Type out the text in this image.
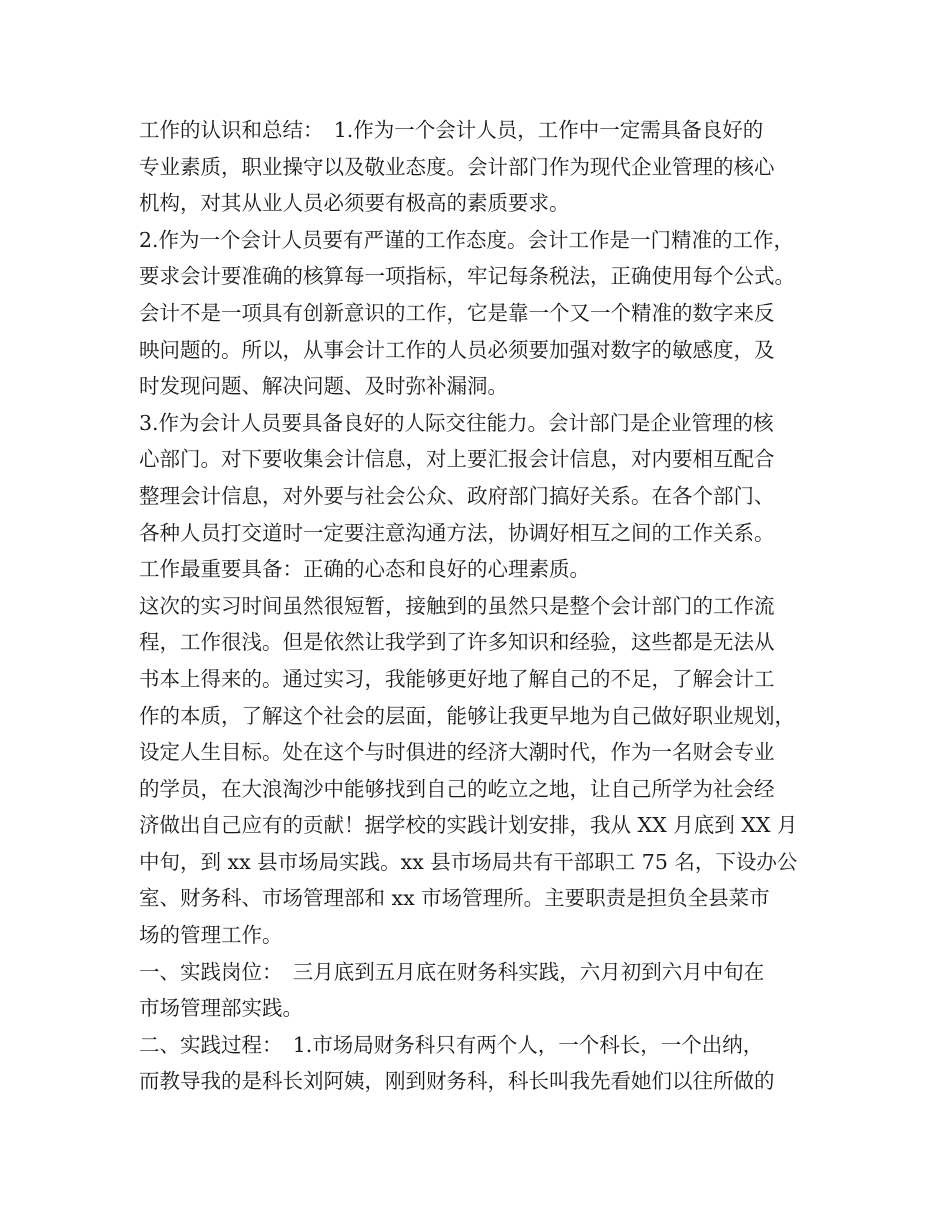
工作的认识和总结：　1.作为一个会计人员，工作中一定需具备良好的
专业素质，职业操守以及敬业态度。会计部门作为现代企业管理的核心
机构，对其从业人员必须要有极高的素质要求。
2.作为一个会计人员要有严谨的工作态度。会计工作是一门精准的工作，
要求会计要准确的核算每一项指标，牢记每条税法，正确使用每个公式。
会计不是一项具有创新意识的工作，它是靠一个又一个精准的数字来反
映问题的。所以，从事会计工作的人员必须要加强对数字的敏感度，及
时发现问题、解决问题、及时弥补漏洞。
3.作为会计人员要具备良好的人际交往能力。会计部门是企业管理的核
心部门。对下要收集会计信息，对上要汇报会计信息，对内要相互配合
整理会计信息，对外要与社会公众、政府部门搞好关系。在各个部门、
各种人员打交道时一定要注意沟通方法，协调好相互之间的工作关系。
工作最重要具备：正确的心态和良好的心理素质。
这次的实习时间虽然很短暂，接触到的虽然只是整个会计部门的工作流
程，工作很浅。但是依然让我学到了许多知识和经验，这些都是无法从
书本上得来的。通过实习，我能够更好地了解自己的不足，了解会计工
作的本质，了解这个社会的层面，能够让我更早地为自己做好职业规划，
设定人生目标。处在这个与时俱进的经济大潮时代，作为一名财会专业
的学员，在大浪淘沙中能够找到自己的屹立之地，让自己所学为社会经
济做出自己应有的贡献！据学校的实践计划安排，我从 XX 月底到 XX 月
中旬，到 xx 县市场局实践。xx 县市场局共有干部职工 75 名，下设办公
室、财务科、市场管理部和 xx 市场管理所。主要职责是担负全县菜市
场的管理工作。
一、实践岗位：　三月底到五月底在财务科实践，六月初到六月中旬在
市场管理部实践。
二、实践过程：　1.市场局财务科只有两个人，一个科长，一个出纳，
而教导我的是科长刘阿姨，刚到财务科，科长叫我先看她们以往所做的
